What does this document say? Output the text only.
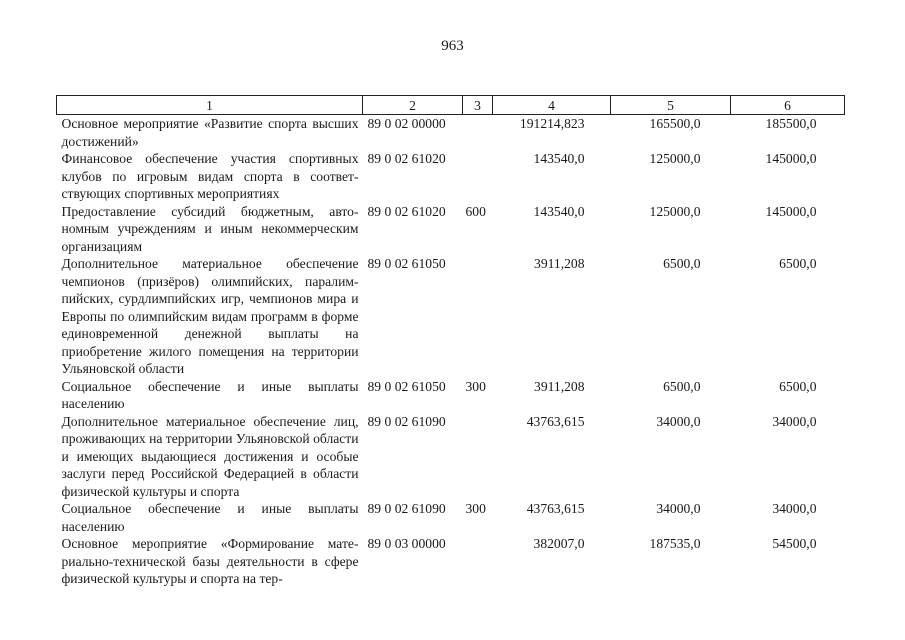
963
1	2	3	4	5	6
Основное мероприятие «Развитие спорта высших достижений»	89 0 02 00000		191214,823	165500,0	185500,0
Финансовое обеспечение участия спортивных клубов по игровым видам спорта в соответствующих спортивных мероприятиях	89 0 02 61020		143540,0	125000,0	145000,0
Предоставление субсидий бюджетным, автономным учреждениям и иным некоммерческим организациям	89 0 02 61020	600	143540,0	125000,0	145000,0
Дополнительное материальное обеспечение чемпионов (призёров) олимпийских, паралимпийских, сурдлимпийских игр, чемпионов мира и Европы по олимпийским видам программ в форме единовременной денежной выплаты на приобретение жилого помещения на территории Ульяновской области	89 0 02 61050		3911,208	6500,0	6500,0
Социальное обеспечение и иные выплаты населению	89 0 02 61050	300	3911,208	6500,0	6500,0
Дополнительное материальное обеспечение лиц, проживающих на территории Ульяновской области и имеющих выдающиеся достижения и особые заслуги перед Российской Федерацией в области физической культуры и спорта	89 0 02 61090		43763,615	34000,0	34000,0
Социальное обеспечение и иные выплаты населению	89 0 02 61090	300	43763,615	34000,0	34000,0
Основное мероприятие «Формирование материально-технической базы деятельности в сфере физической культуры и спорта на тер-	89 0 03 00000		382007,0	187535,0	54500,0
